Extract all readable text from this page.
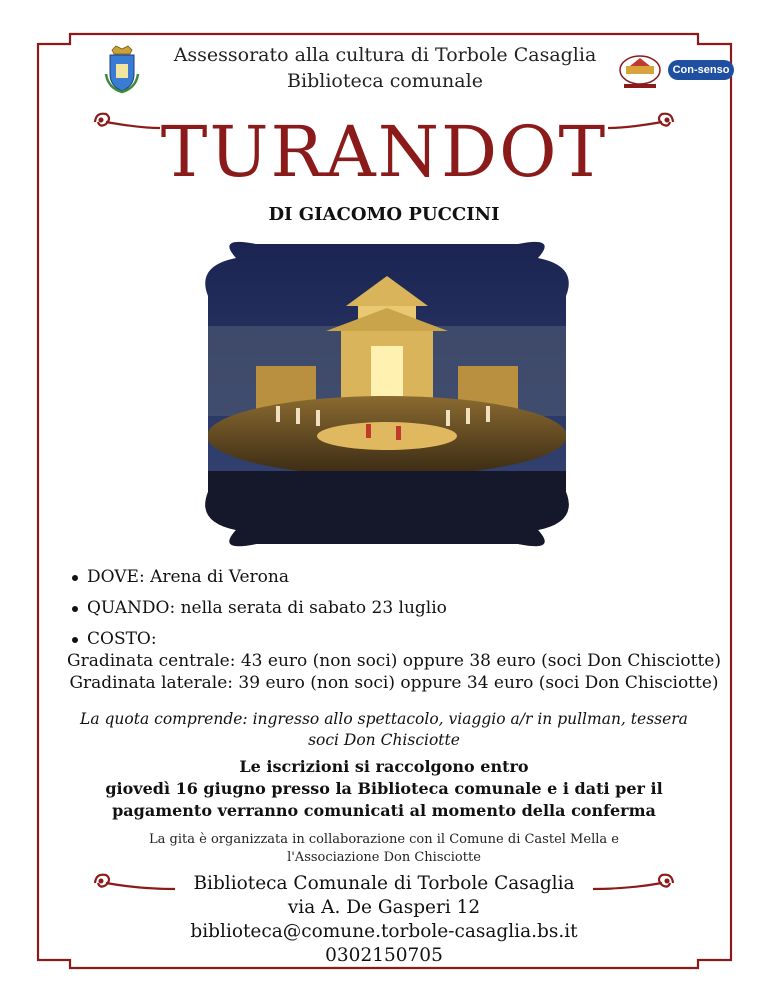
Assessorato alla cultura di Torbole Casaglia
Biblioteca comunale	Con-senso
TURANDOT
DI GIACOMO PUCCINI
DOVE: Arena di Verona
QUANDO: nella serata di sabato 23 luglio
COSTO:
Gradinata centrale: 43 euro (non soci) oppure 38 euro (soci Don Chisciotte)
Gradinata laterale: 39 euro (non soci) oppure 34 euro (soci Don Chisciotte)
La quota comprende: ingresso allo spettacolo, viaggio a/r in pullman, tessera
soci Don Chisciotte
Le iscrizioni si raccolgono entro
giovedì 16 giugno presso la Biblioteca comunale e i dati per il
pagamento verranno comunicati al momento della conferma
La gita è organizzata in collaborazione con il Comune di Castel Mella e
l'Associazione Don Chisciotte
Biblioteca Comunale di Torbole Casaglia
via A. De Gasperi 12
biblioteca@comune.torbole-casaglia.bs.it
0302150705
